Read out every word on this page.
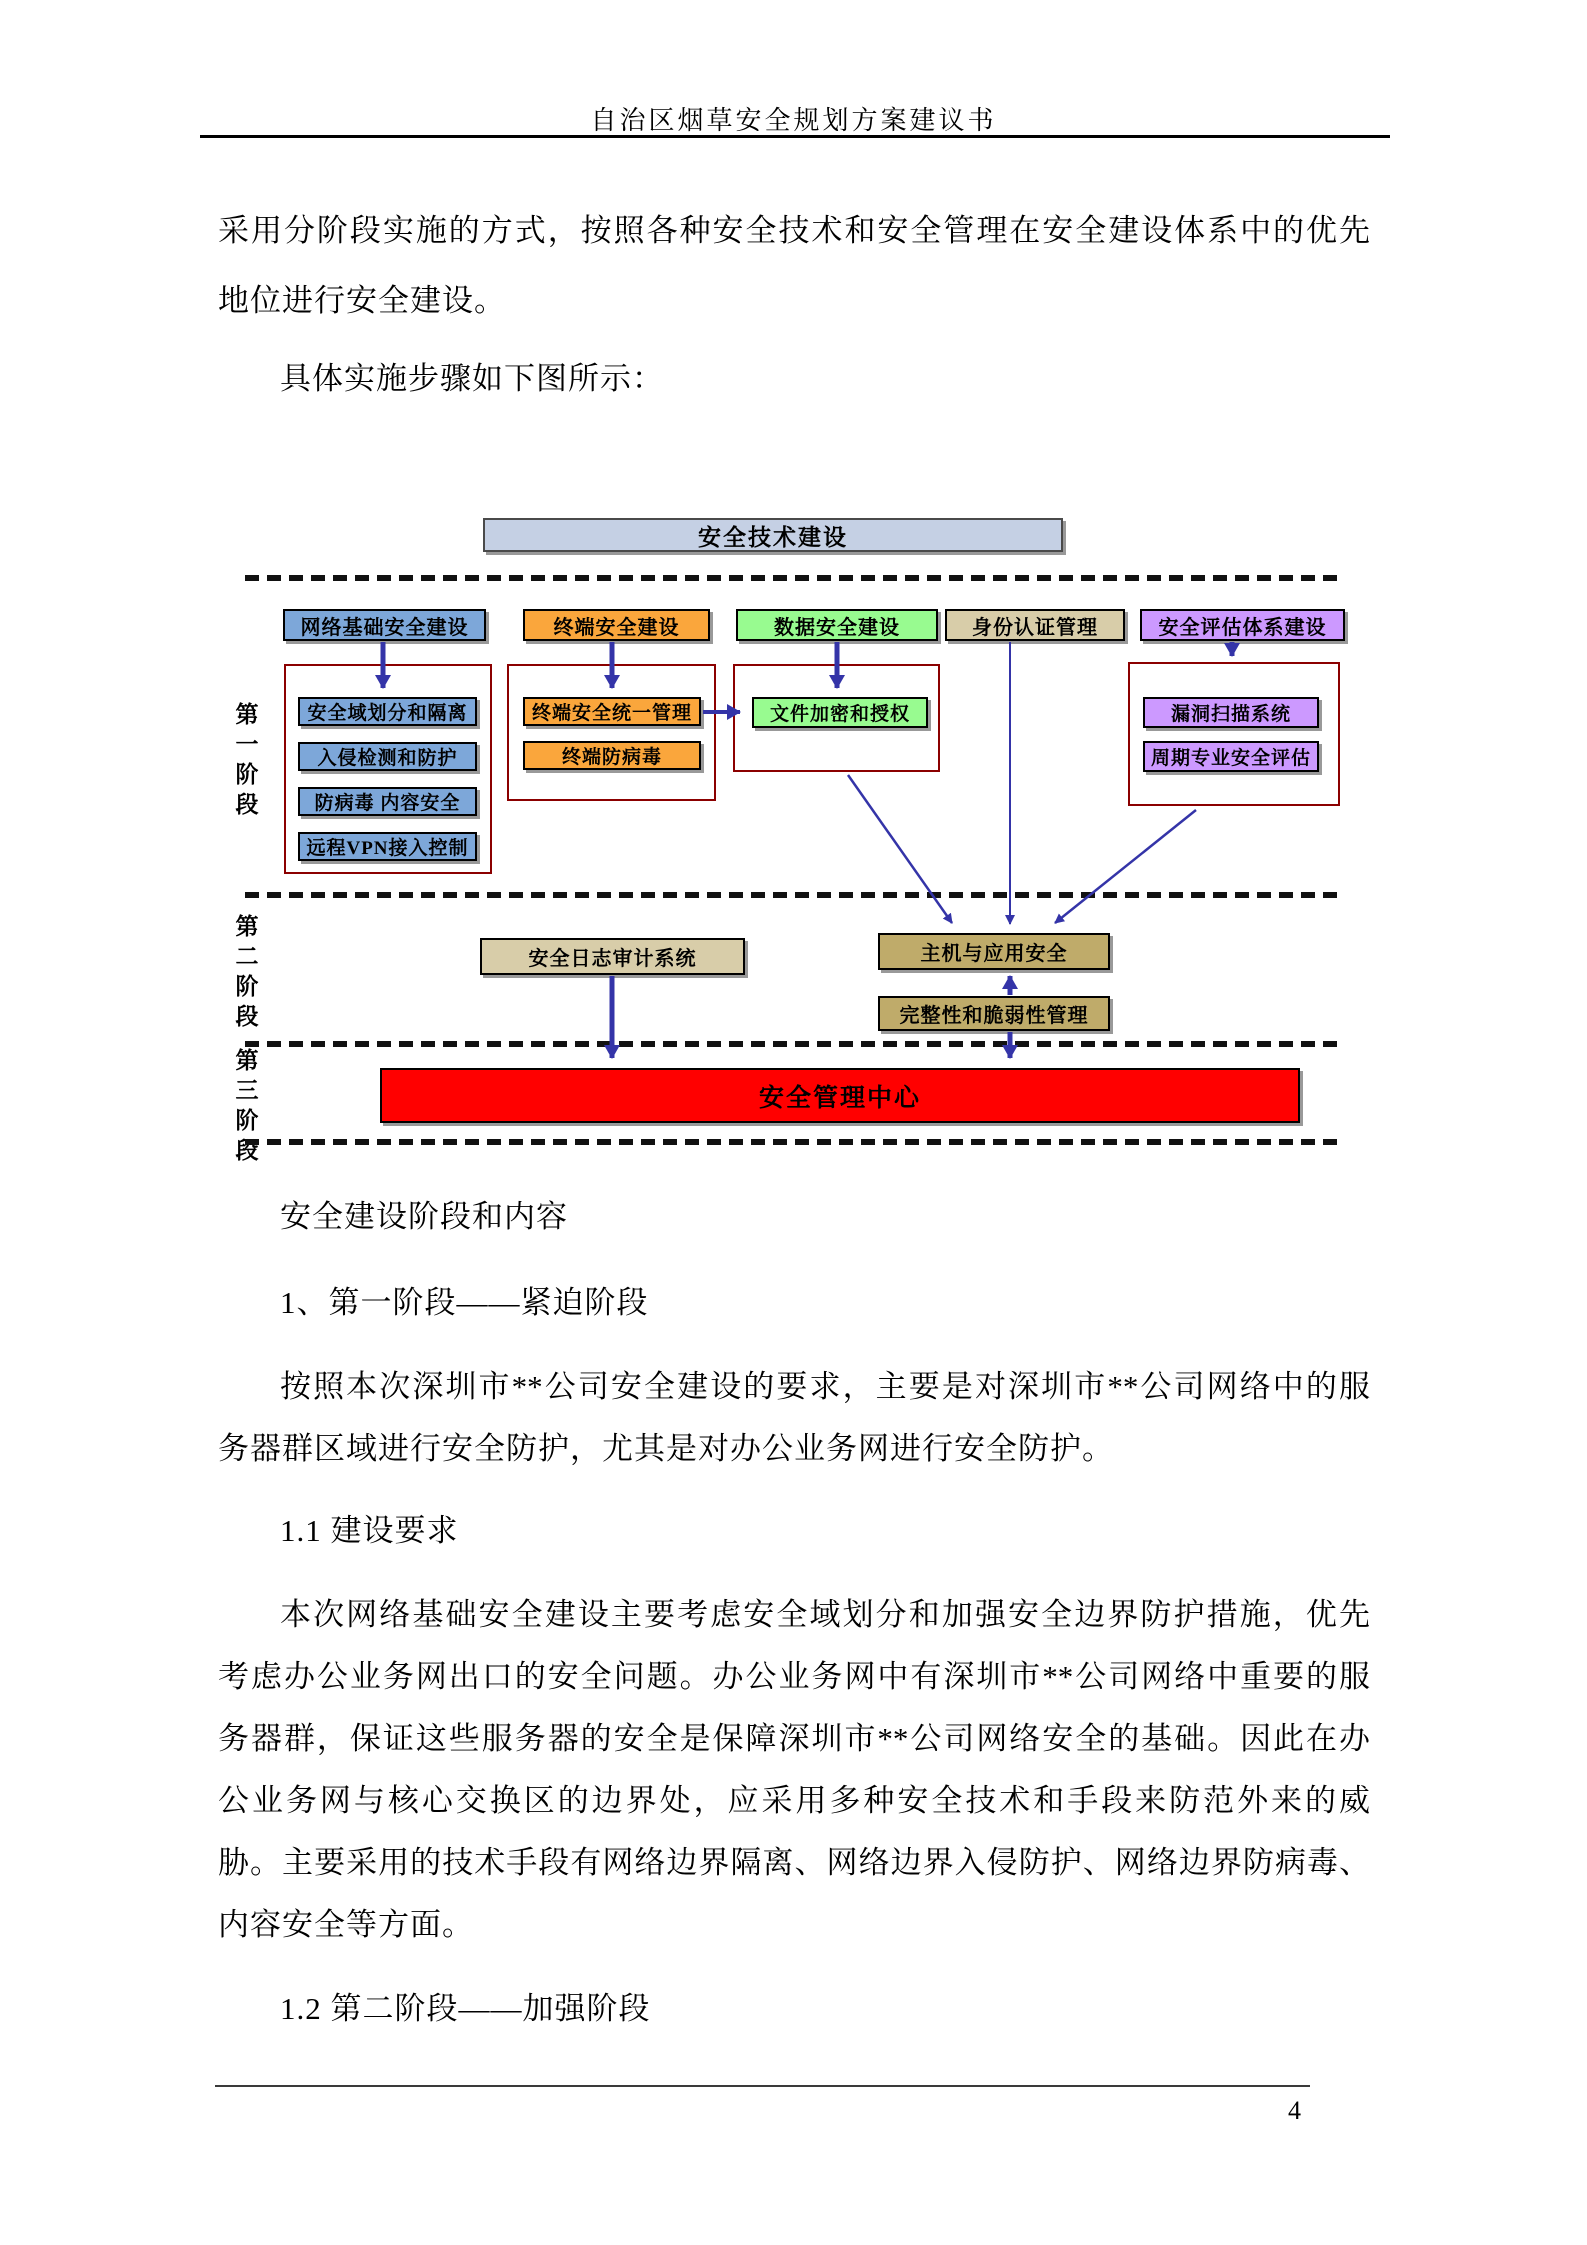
自治区烟草安全规划方案建议书
采用分阶段实施的方式，按照各种安全技术和安全管理在安全建设体系中的优先
地位进行安全建设。
具体实施步骤如下图所示：
安全技术建设
第一阶段
第二阶段
第三阶段
网络基础安全建设	终端安全建设	数据安全建设	身份认证管理	安全评估体系建设
安全域划分和隔离
入侵检测和防护
防病毒 内容安全
远程VPN接入控制
终端安全统一管理
终端防病毒
文件加密和授权	漏洞扫描系统
周期专业安全评估
安全日志审计系统	主机与应用安全
完整性和脆弱性管理
安全管理中心
安全建设阶段和内容
1、第一阶段——紧迫阶段
按照本次深圳市**公司安全建设的要求，主要是对深圳市**公司网络中的服
务器群区域进行安全防护，尤其是对办公业务网进行安全防护。
1.1 建设要求
本次网络基础安全建设主要考虑安全域划分和加强安全边界防护措施，优先
考虑办公业务网出口的安全问题。办公业务网中有深圳市**公司网络中重要的服
务器群，保证这些服务器的安全是保障深圳市**公司网络安全的基础。因此在办
公业务网与核心交换区的边界处，应采用多种安全技术和手段来防范外来的威
胁。主要采用的技术手段有网络边界隔离、网络边界入侵防护、网络边界防病毒、
内容安全等方面。
1.2 第二阶段——加强阶段
4
